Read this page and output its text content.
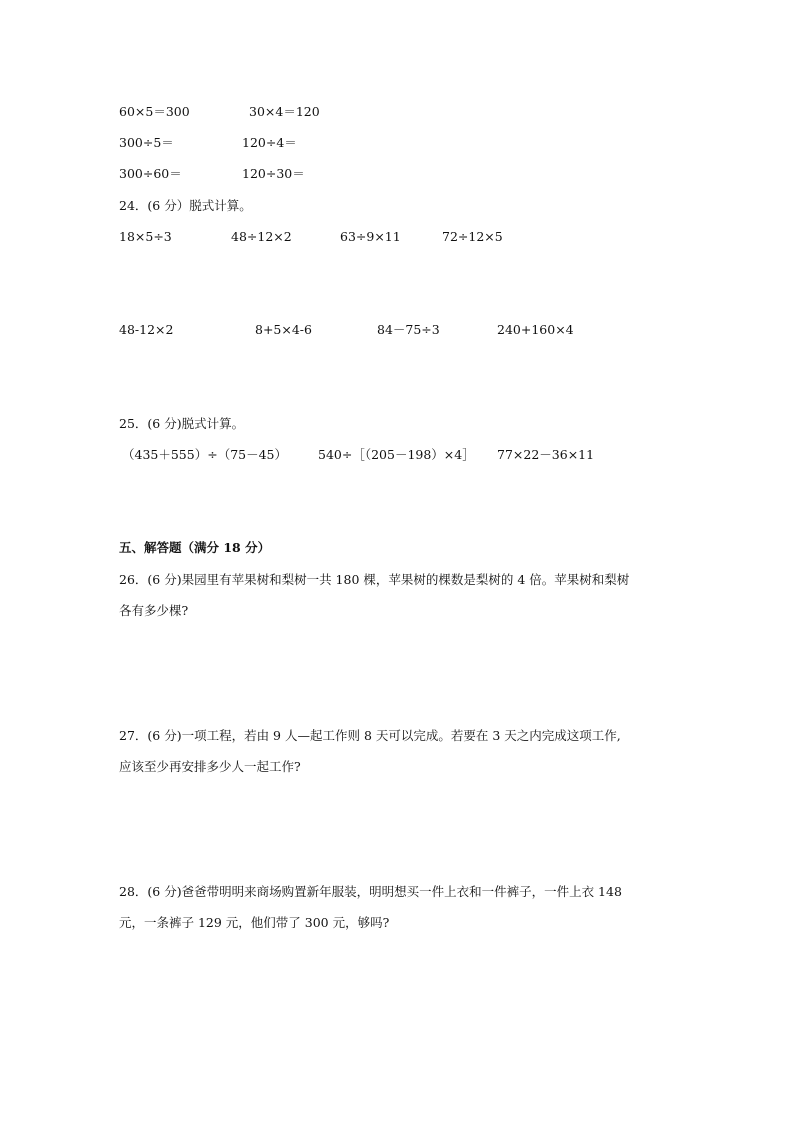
60×5＝300	30×4＝120
300÷5＝	120÷4＝
300÷60＝	120÷30＝
24．(6 分）脱式计算。
18×5÷3	48÷12×2	63÷9×11	72÷12×5
48-12×2	8+5×4-6	84－75÷3	240+160×4
25．(6 分)脱式计算。
（435＋555）÷（75－45） 540÷［（205－198）×4］ 77×22－36×11
五、解答题（满分 18 分）
26．(6 分)果园里有苹果树和梨树一共 180 棵，苹果树的棵数是梨树的 4 倍。苹果树和梨树
各有多少棵?
27．(6 分)一项工程，若由 9 人—起工作则 8 天可以完成。若要在 3 天之内完成这项工作,
应该至少再安排多少人一起工作?
28．(6 分)爸爸带明明来商场购置新年服装，明明想买一件上衣和一件裤子，一件上衣 148
元，一条裤子 129 元，他们带了 300 元，够吗?
